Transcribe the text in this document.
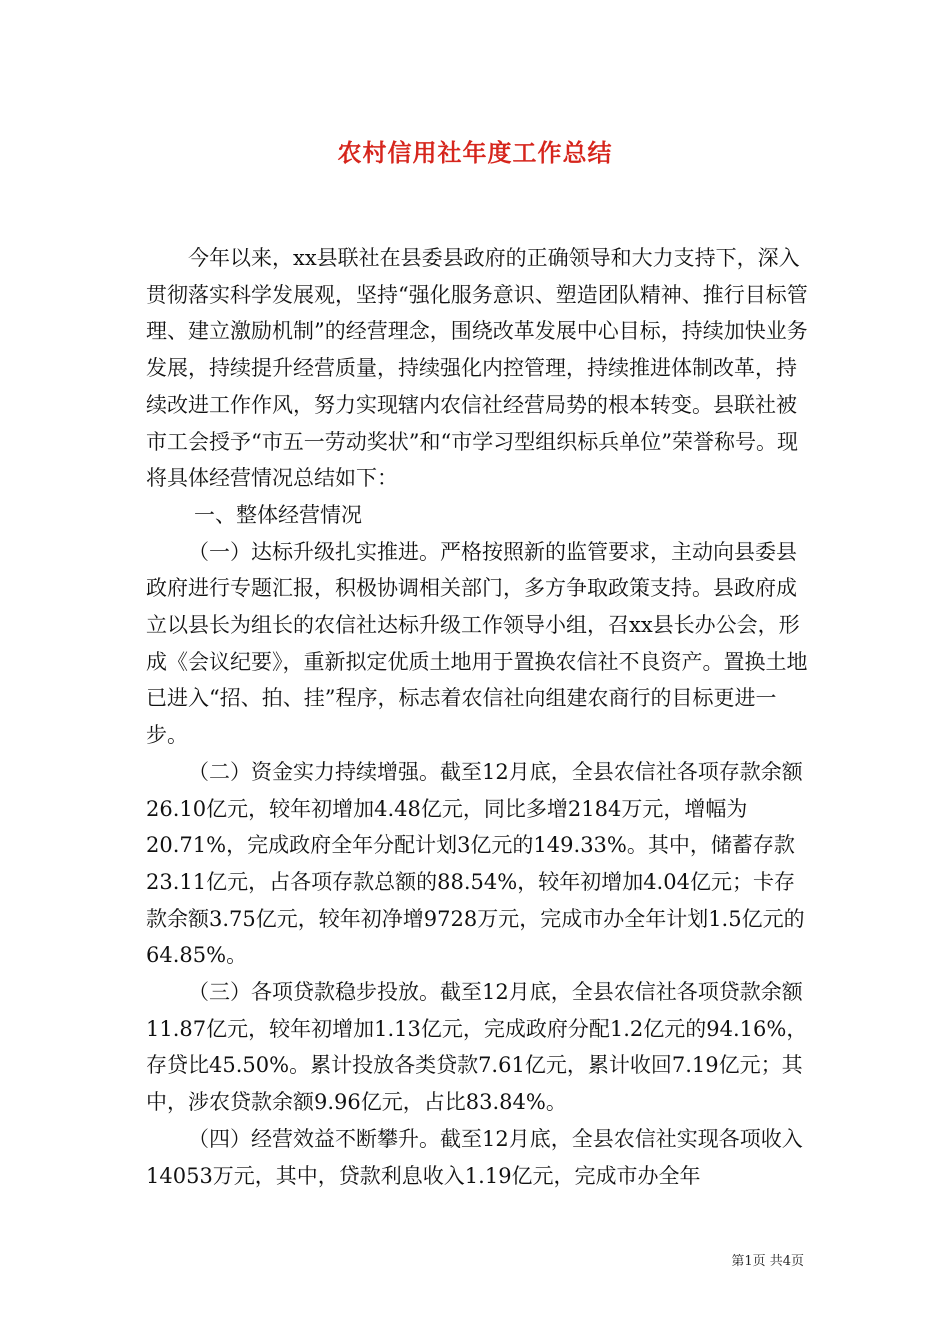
农村信用社年度工作总结

今年以来，xx县联社在县委县政府的正确领导和大力支持下，深入贯彻落实科学发展观，坚持“强化服务意识、塑造团队精神、推行目标管理、建立激励机制”的经营理念，围绕改革发展中心目标，持续加快业务发展，持续提升经营质量，持续强化内控管理，持续推进体制改革，持续改进工作作风，努力实现辖内农信社经营局势的根本转变。县联社被市工会授予“市五一劳动奖状”和“市学习型组织标兵单位”荣誉称号。现将具体经营情况总结如下：

一、整体经营情况

（一）达标升级扎实推进。严格按照新的监管要求，主动向县委县政府进行专题汇报，积极协调相关部门，多方争取政策支持。县政府成立以县长为组长的农信社达标升级工作领导小组，召xx县长办公会，形成《会议纪要》，重新拟定优质土地用于置换农信社不良资产。置换土地已进入“招、拍、挂”程序，标志着农信社向组建农商行的目标更进一步。

（二）资金实力持续增强。截至12月底，全县农信社各项存款余额26.10亿元，较年初增加4.48亿元，同比多增2184万元，增幅为20.71%，完成政府全年分配计划3亿元的149.33%。其中，储蓄存款23.11亿元，占各项存款总额的88.54%，较年初增加4.04亿元；卡存款余额3.75亿元，较年初净增9728万元，完成市办全年计划1.5亿元的64.85%。

（三）各项贷款稳步投放。截至12月底，全县农信社各项贷款余额11.87亿元，较年初增加1.13亿元，完成政府分配1.2亿元的94.16%，存贷比45.50%。累计投放各类贷款7.61亿元，累计收回7.19亿元；其中，涉农贷款余额9.96亿元，占比83.84%。

（四）经营效益不断攀升。截至12月底，全县农信社实现各项收入14053万元，其中，贷款利息收入1.19亿元，完成市办全年

第1页 共4页
